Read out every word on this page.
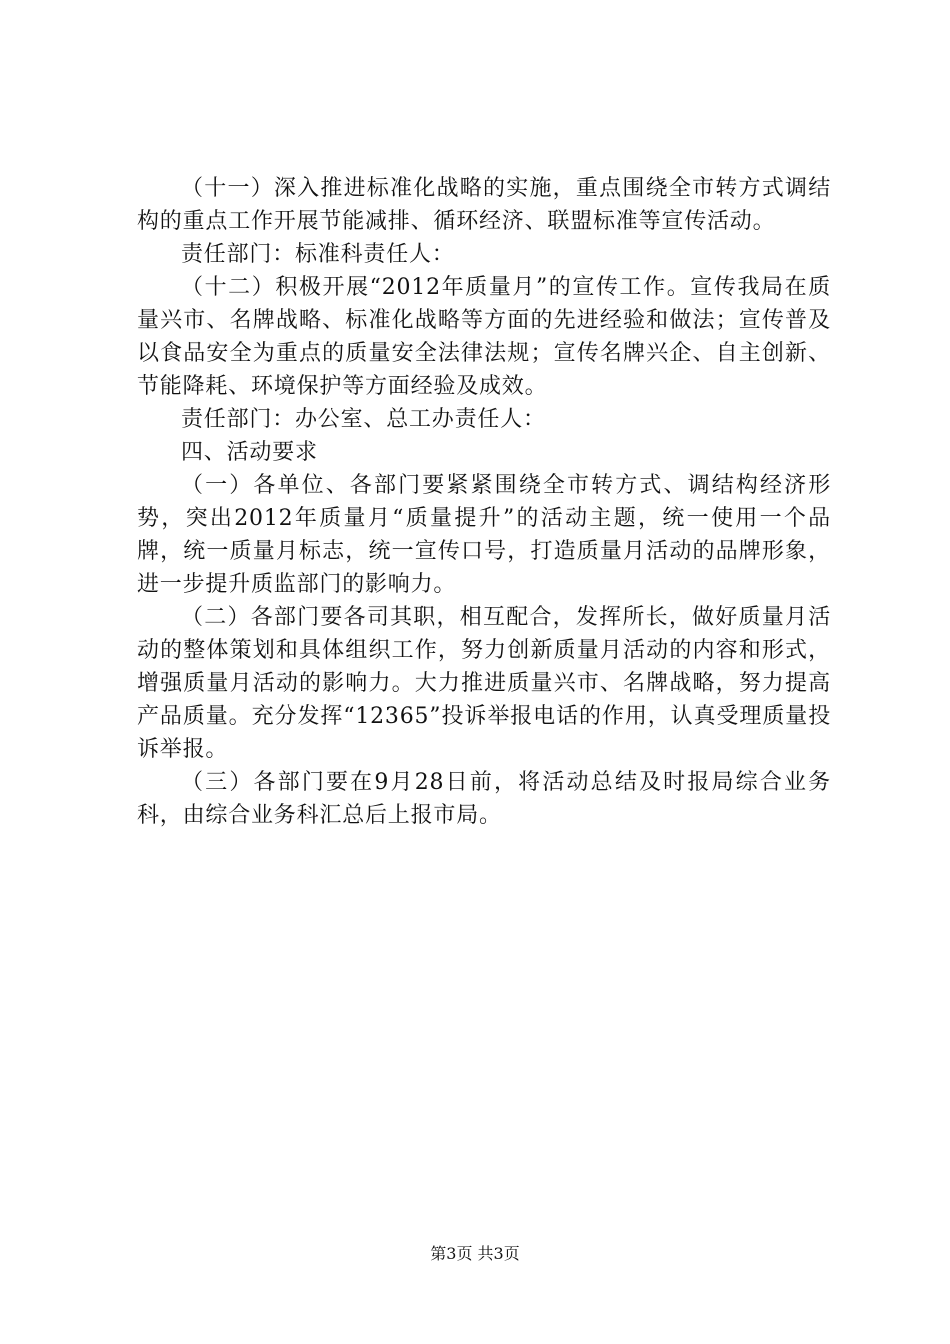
（十一）深入推进标准化战略的实施，重点围绕全市转方式调结构的重点工作开展节能减排、循环经济、联盟标准等宣传活动。

责任部门：标准科责任人：

（十二）积极开展“2012年质量月”的宣传工作。宣传我局在质量兴市、名牌战略、标准化战略等方面的先进经验和做法；宣传普及以食品安全为重点的质量安全法律法规；宣传名牌兴企、自主创新、节能降耗、环境保护等方面经验及成效。

责任部门：办公室、总工办责任人：

四、活动要求

（一）各单位、各部门要紧紧围绕全市转方式、调结构经济形势，突出2012年质量月“质量提升”的活动主题，统一使用一个品牌，统一质量月标志，统一宣传口号，打造质量月活动的品牌形象，进一步提升质监部门的影响力。

（二）各部门要各司其职，相互配合，发挥所长，做好质量月活动的整体策划和具体组织工作，努力创新质量月活动的内容和形式，增强质量月活动的影响力。大力推进质量兴市、名牌战略，努力提高产品质量。充分发挥“12365”投诉举报电话的作用，认真受理质量投诉举报。

（三）各部门要在9月28日前，将活动总结及时报局综合业务科，由综合业务科汇总后上报市局。

第3页 共3页
